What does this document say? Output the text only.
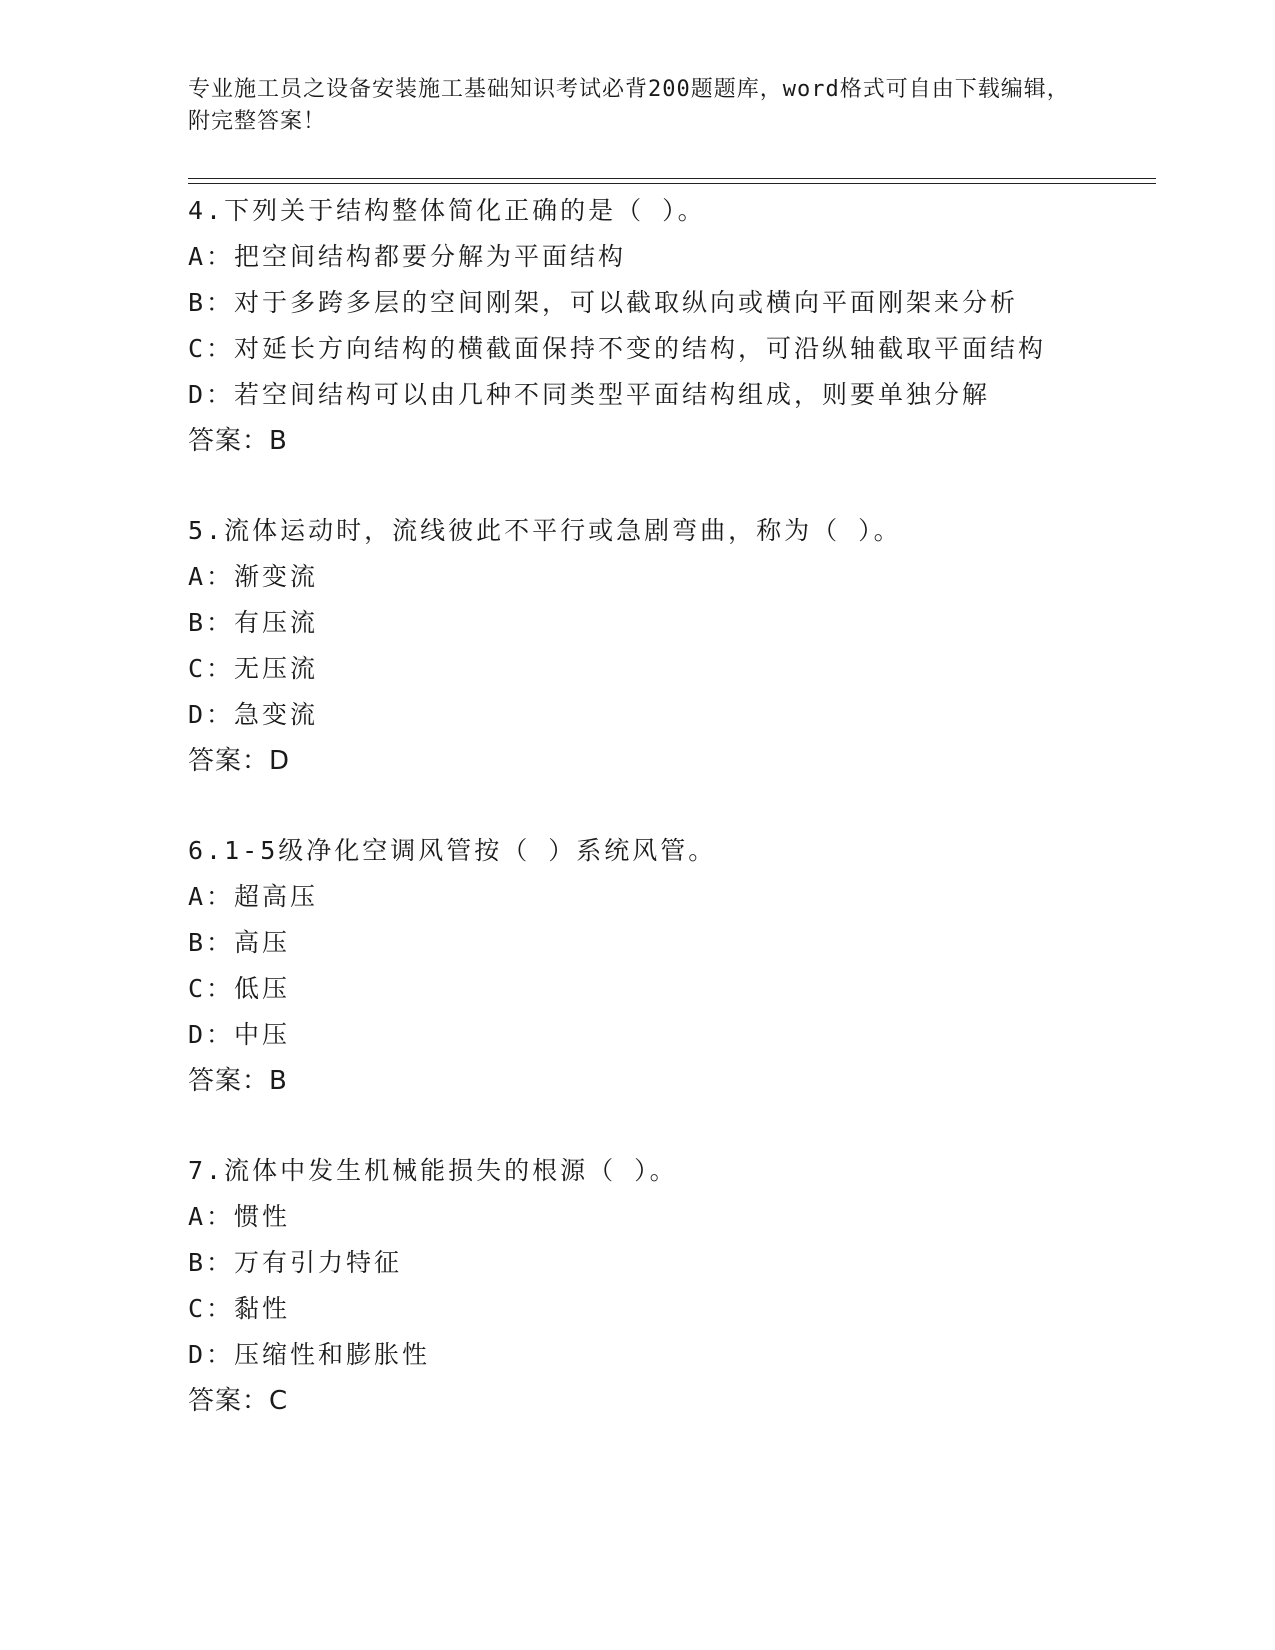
专业施工员之设备安装施工基础知识考试必背200题题库，word格式可自由下载编辑，附完整答案！
4.下列关于结构整体简化正确的是（ ）。
A：把空间结构都要分解为平面结构
B：对于多跨多层的空间刚架，可以截取纵向或横向平面刚架来分析
C：对延长方向结构的横截面保持不变的结构，可沿纵轴截取平面结构
D：若空间结构可以由几种不同类型平面结构组成，则要单独分解
答案：B
5.流体运动时，流线彼此不平行或急剧弯曲，称为（ ）。
A：渐变流
B：有压流
C：无压流
D：急变流
答案：D
6.1-5级净化空调风管按（ ）系统风管。
A：超高压
B：高压
C：低压
D：中压
答案：B
7.流体中发生机械能损失的根源（ ）。
A：惯性
B：万有引力特征
C：黏性
D：压缩性和膨胀性
答案：C
